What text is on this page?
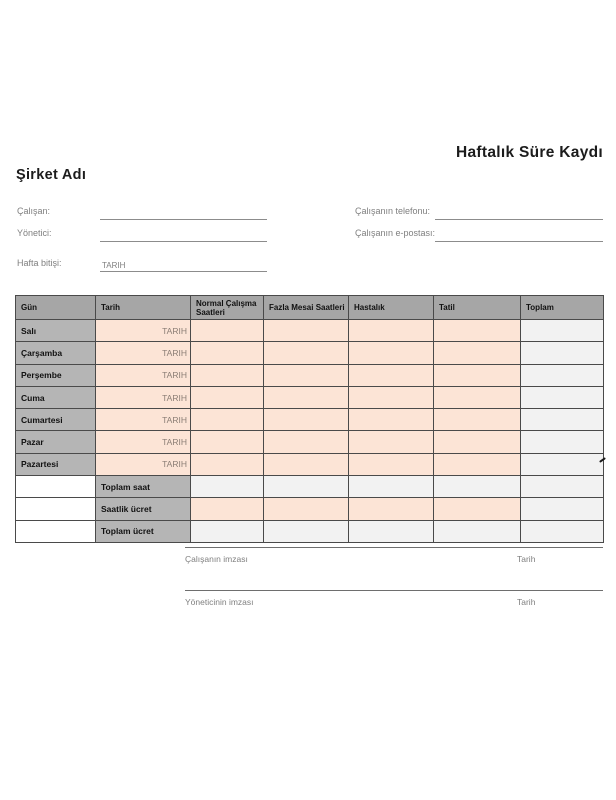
Haftalık Süre Kaydı
Şirket Adı
Çalışan:	Çalışanın telefonu:
Yönetici:	Çalışanın e-postası:
Hafta bitişi:	TARIH
Gün	Tarih	Normal Çalışma Saatleri	Fazla Mesai Saatleri	Hastalık	Tatil	Toplam
Salı	TARIH					
Çarşamba	TARIH					
Perşembe	TARIH					
Cuma	TARIH					
Cumartesi	TARIH					
Pazar	TARIH					
Pazartesi	TARIH					
	Toplam saat					
	Saatlik ücret					
	Toplam ücret					
Çalışanın imzası	Tarih
Yöneticinin imzası	Tarih
